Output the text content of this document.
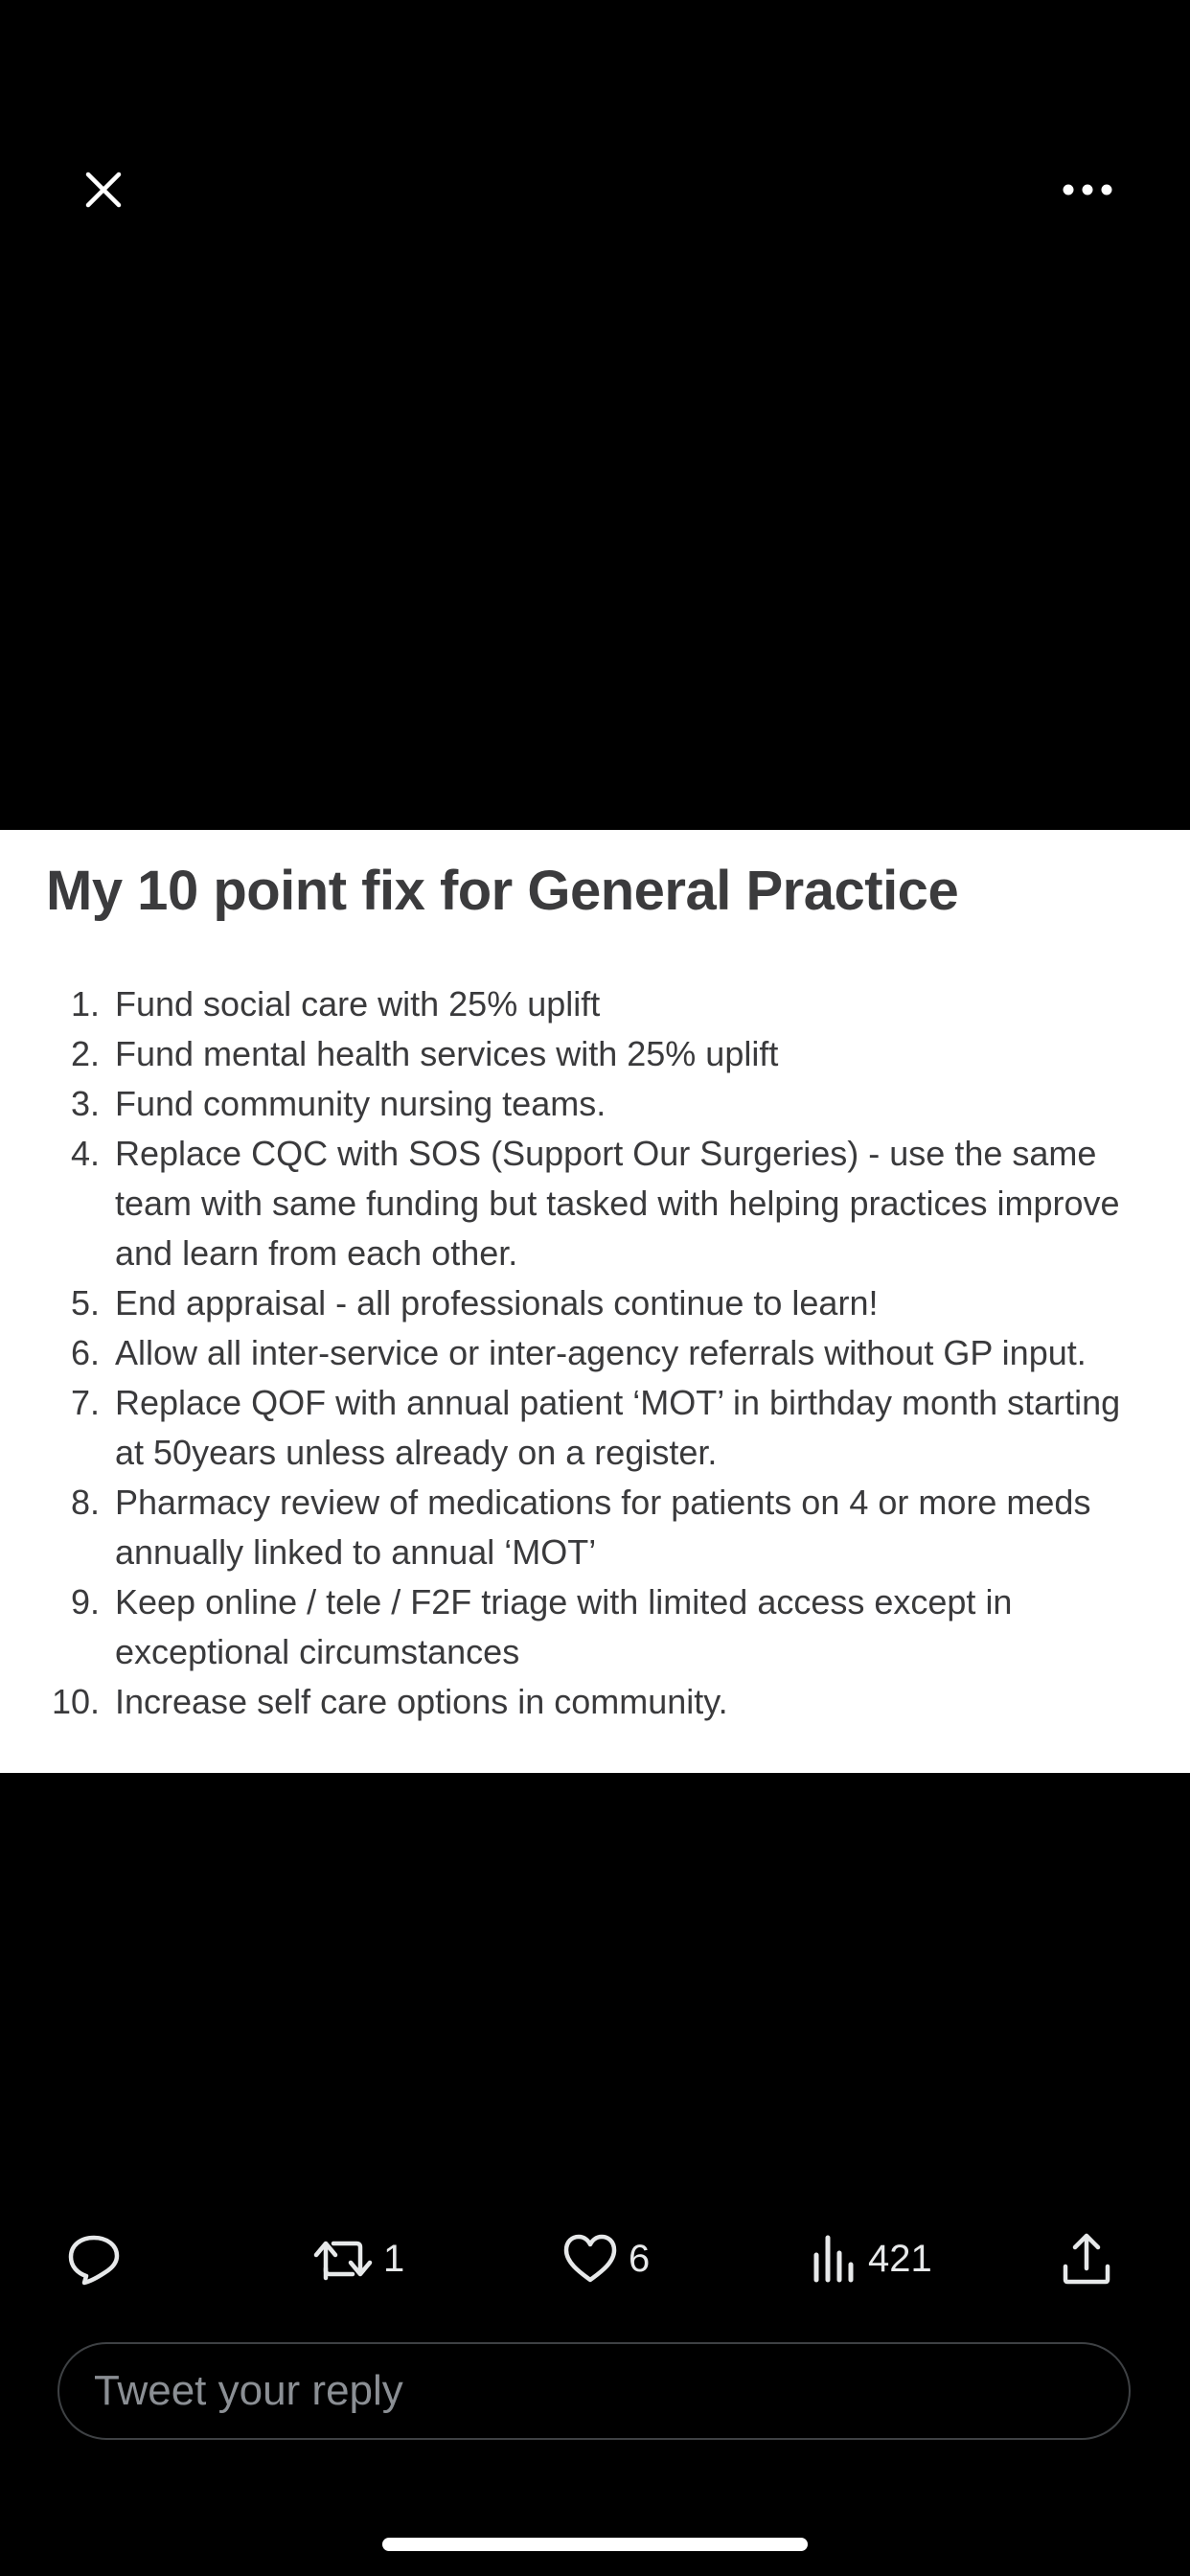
My 10 point fix for General Practice
1. Fund social care with 25% uplift
2. Fund mental health services with 25% uplift
3. Fund community nursing teams.
4. Replace CQC with SOS (Support Our Surgeries) - use the same team with same funding but tasked with helping practices improve and learn from each other.
5. End appraisal - all professionals continue to learn!
6. Allow all inter-service or inter-agency referrals without GP input.
7. Replace QOF with annual patient ‘MOT’ in birthday month starting at 50years unless already on a register.
8. Pharmacy review of medications for patients on 4 or more meds annually linked to annual ‘MOT’
9. Keep online / tele / F2F triage with limited access except in exceptional circumstances
10. Increase self care options in community.
1	6	421
Tweet your reply
